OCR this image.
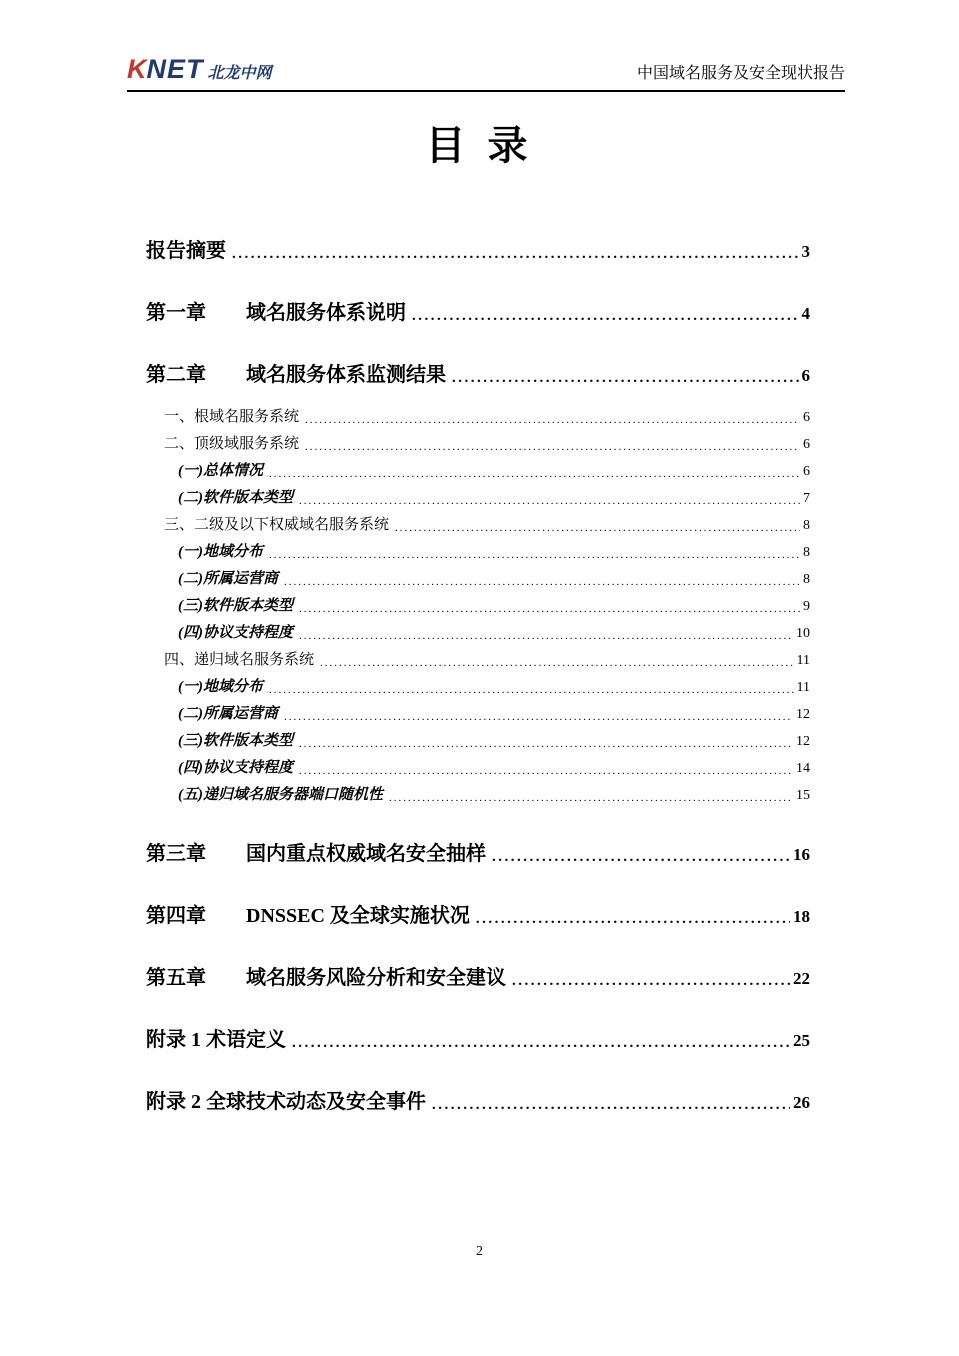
K NET 北龙中网	中国域名服务及安全现状报告
目 录
报告摘要 .....	3
第一章	域名服务体系说明 .....	4
第二章	域名服务体系监测结果 .....	6
一、根域名服务系统 .....	6
二、顶级域服务系统 .....	6
(一)总体情况 .....	6
(二)软件版本类型 .....	7
三、二级及以下权威域名服务系统 .....	8
(一)地域分布 .....	8
(二)所属运营商 .....	8
(三)软件版本类型 .....	9
(四)协议支持程度 .....	10
四、递归域名服务系统 .....	11
(一)地域分布 .....	11
(二)所属运营商 .....	12
(三)软件版本类型 .....	12
(四)协议支持程度 .....	14
(五)递归域名服务器端口随机性 .....	15
第三章	国内重点权威域名安全抽样 .....	16
第四章	DNSSEC 及全球实施状况 .....	18
第五章	域名服务风险分析和安全建议 .....	22
附录 1 术语定义 .....	25
附录 2 全球技术动态及安全事件 .....	26
2
